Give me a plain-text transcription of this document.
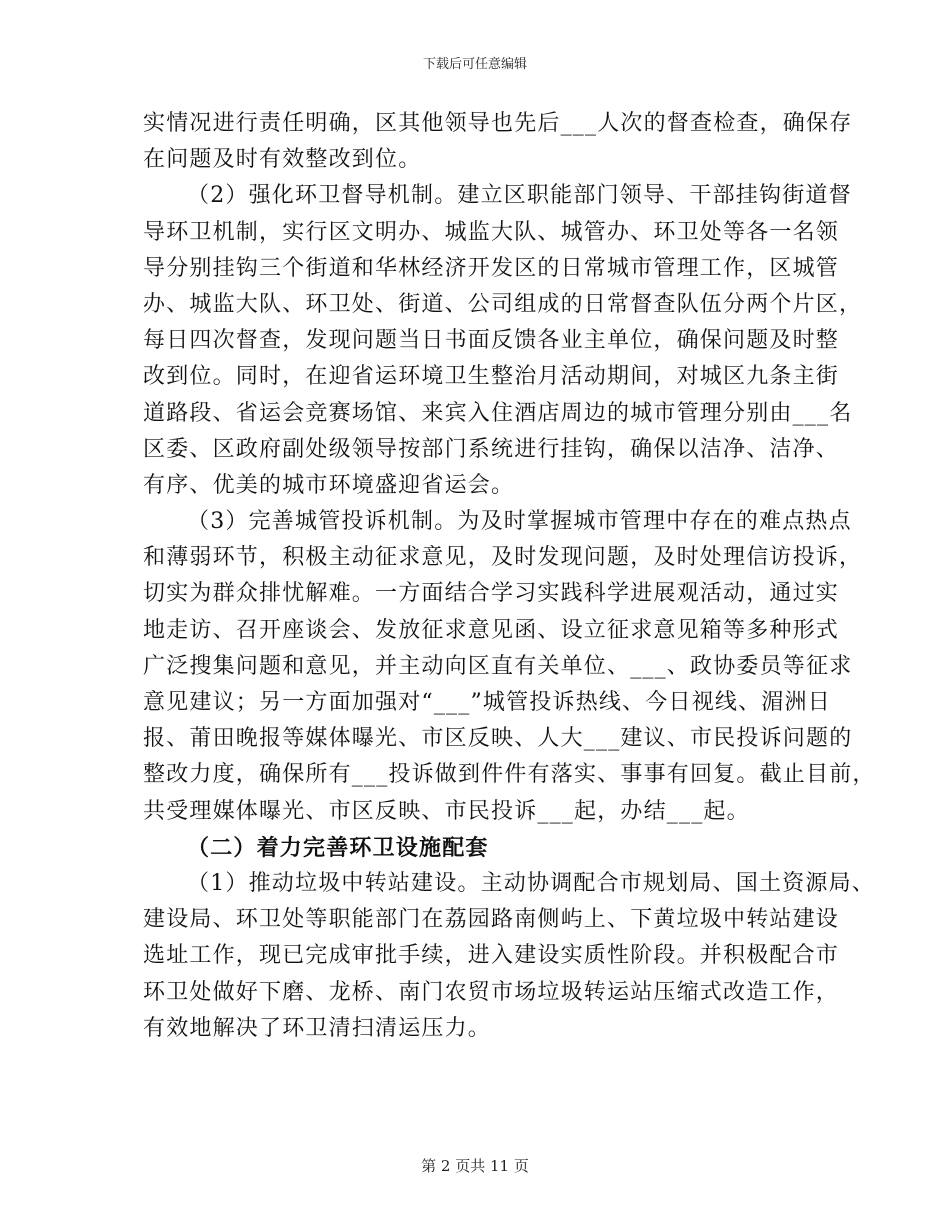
下载后可任意编辑
实情况进行责任明确，区其他领导也先后___人次的督查检查，确保存
在问题及时有效整改到位。
（2）强化环卫督导机制。建立区职能部门领导、干部挂钩街道督
导环卫机制，实行区文明办、城监大队、城管办、环卫处等各一名领
导分别挂钩三个街道和华林经济开发区的日常城市管理工作，区城管
办、城监大队、环卫处、街道、公司组成的日常督查队伍分两个片区，
每日四次督查，发现问题当日书面反馈各业主单位，确保问题及时整
改到位。同时，在迎省运环境卫生整治月活动期间，对城区九条主街
道路段、省运会竞赛场馆、来宾入住酒店周边的城市管理分别由___名
区委、区政府副处级领导按部门系统进行挂钩，确保以洁净、洁净、
有序、优美的城市环境盛迎省运会。
（3）完善城管投诉机制。为及时掌握城市管理中存在的难点热点
和薄弱环节，积极主动征求意见，及时发现问题，及时处理信访投诉，
切实为群众排忧解难。一方面结合学习实践科学进展观活动，通过实
地走访、召开座谈会、发放征求意见函、设立征求意见箱等多种形式
广泛搜集问题和意见，并主动向区直有关单位、___、政协委员等征求
意见建议；另一方面加强对“___”城管投诉热线、今日视线、湄洲日
报、莆田晚报等媒体曝光、市区反映、人大___建议、市民投诉问题的
整改力度，确保所有___投诉做到件件有落实、事事有回复。截止目前，
共受理媒体曝光、市区反映、市民投诉___起，办结___起。
（二）着力完善环卫设施配套
（1）推动垃圾中转站建设。主动协调配合市规划局、国土资源局、
建设局、环卫处等职能部门在荔园路南侧屿上、下黄垃圾中转站建设
选址工作，现已完成审批手续，进入建设实质性阶段。并积极配合市
环卫处做好下磨、龙桥、南门农贸市场垃圾转运站压缩式改造工作，
有效地解决了环卫清扫清运压力。
第 2 页共 11 页
